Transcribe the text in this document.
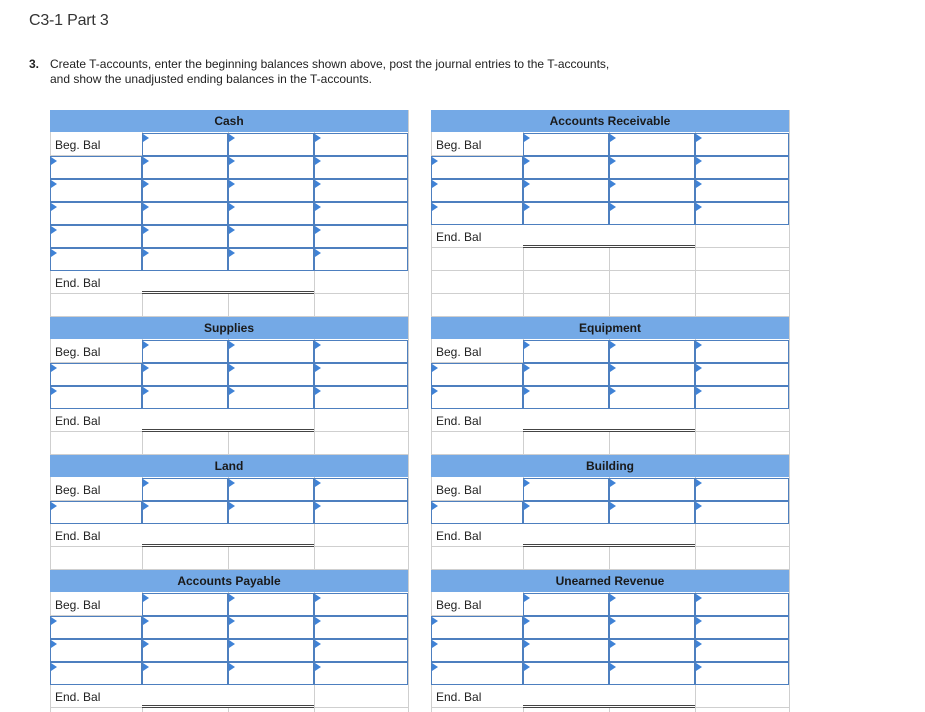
C3-1 Part 3
3. Create T-accounts, enter the beginning balances shown above, post the journal entries to the T-accounts, and show the unadjusted ending balances in the T-accounts.
Cash
Beg. Bal
End. Bal
Accounts Receivable
Beg. Bal
End. Bal
Supplies
Beg. Bal
End. Bal
Equipment
Beg. Bal
End. Bal
Land
Beg. Bal
End. Bal
Building
Beg. Bal
End. Bal
Accounts Payable
Beg. Bal
End. Bal
Unearned Revenue
Beg. Bal
End. Bal
